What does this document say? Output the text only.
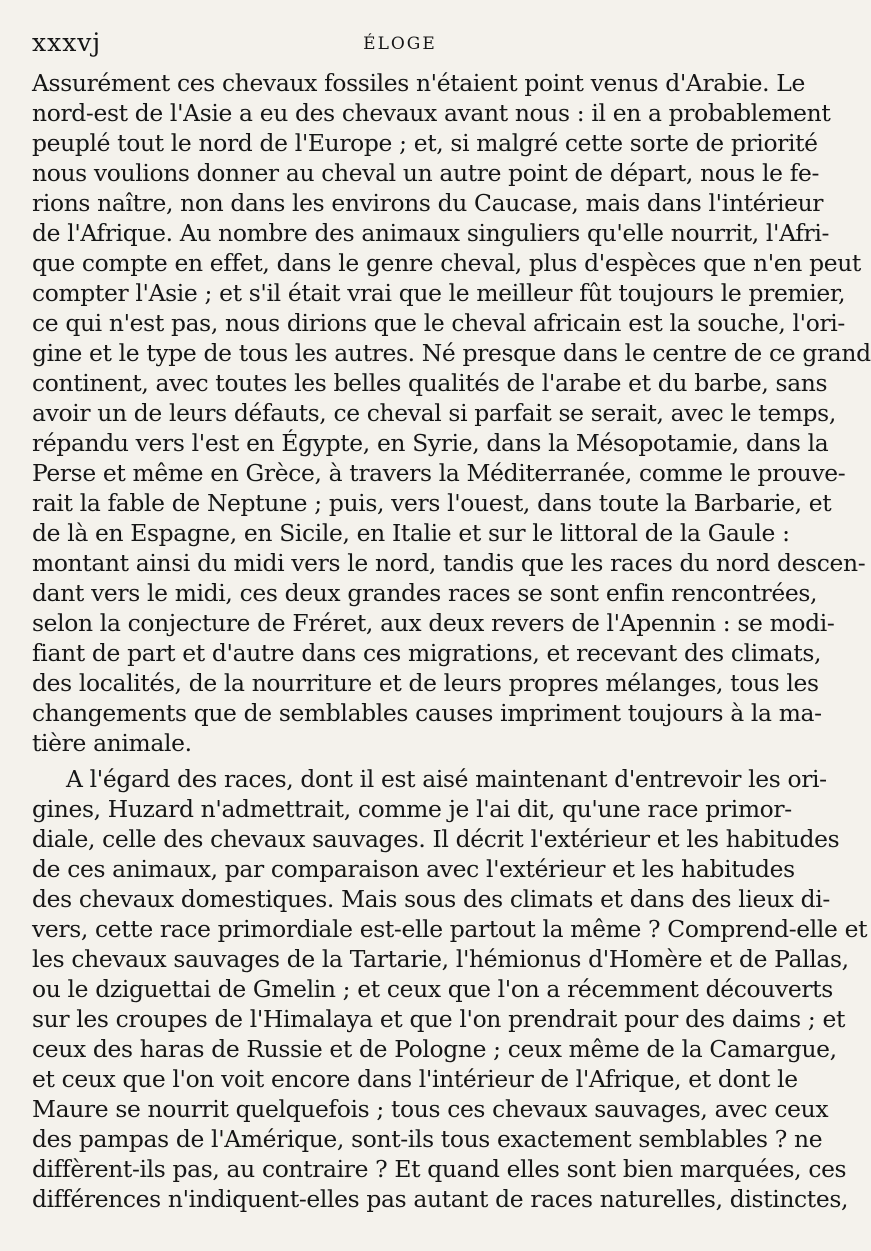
xxxvj	ÉLOGE
Assurément ces chevaux fossiles n'étaient point venus d'Arabie. Le
nord-est de l'Asie a eu des chevaux avant nous : il en a probablement
peuplé tout le nord de l'Europe ; et, si malgré cette sorte de priorité
nous voulions donner au cheval un autre point de départ, nous le fe-
rions naître, non dans les environs du Caucase, mais dans l'intérieur
de l'Afrique. Au nombre des animaux singuliers qu'elle nourrit, l'Afri-
que compte en effet, dans le genre cheval, plus d'espèces que n'en peut
compter l'Asie ; et s'il était vrai que le meilleur fût toujours le premier,
ce qui n'est pas, nous dirions que le cheval africain est la souche, l'ori-
gine et le type de tous les autres. Né presque dans le centre de ce grand
continent, avec toutes les belles qualités de l'arabe et du barbe, sans
avoir un de leurs défauts, ce cheval si parfait se serait, avec le temps,
répandu vers l'est en Égypte, en Syrie, dans la Mésopotamie, dans la
Perse et même en Grèce, à travers la Méditerranée, comme le prouve-
rait la fable de Neptune ; puis, vers l'ouest, dans toute la Barbarie, et
de là en Espagne, en Sicile, en Italie et sur le littoral de la Gaule :
montant ainsi du midi vers le nord, tandis que les races du nord descen-
dant vers le midi, ces deux grandes races se sont enfin rencontrées,
selon la conjecture de Fréret, aux deux revers de l'Apennin : se modi-
fiant de part et d'autre dans ces migrations, et recevant des climats,
des localités, de la nourriture et de leurs propres mélanges, tous les
changements que de semblables causes impriment toujours à la ma-
tière animale.
A l'égard des races, dont il est aisé maintenant d'entrevoir les ori-
gines, Huzard n'admettrait, comme je l'ai dit, qu'une race primor-
diale, celle des chevaux sauvages. Il décrit l'extérieur et les habitudes
de ces animaux, par comparaison avec l'extérieur et les habitudes
des chevaux domestiques. Mais sous des climats et dans des lieux di-
vers, cette race primordiale est-elle partout la même ? Comprend-elle et
les chevaux sauvages de la Tartarie, l'hémionus d'Homère et de Pallas,
ou le dziguettai de Gmelin ; et ceux que l'on a récemment découverts
sur les croupes de l'Himalaya et que l'on prendrait pour des daims ; et
ceux des haras de Russie et de Pologne ; ceux même de la Camargue,
et ceux que l'on voit encore dans l'intérieur de l'Afrique, et dont le
Maure se nourrit quelquefois ; tous ces chevaux sauvages, avec ceux
des pampas de l'Amérique, sont-ils tous exactement semblables ? ne
diffèrent-ils pas, au contraire ? Et quand elles sont bien marquées, ces
différences n'indiquent-elles pas autant de races naturelles, distinctes,
